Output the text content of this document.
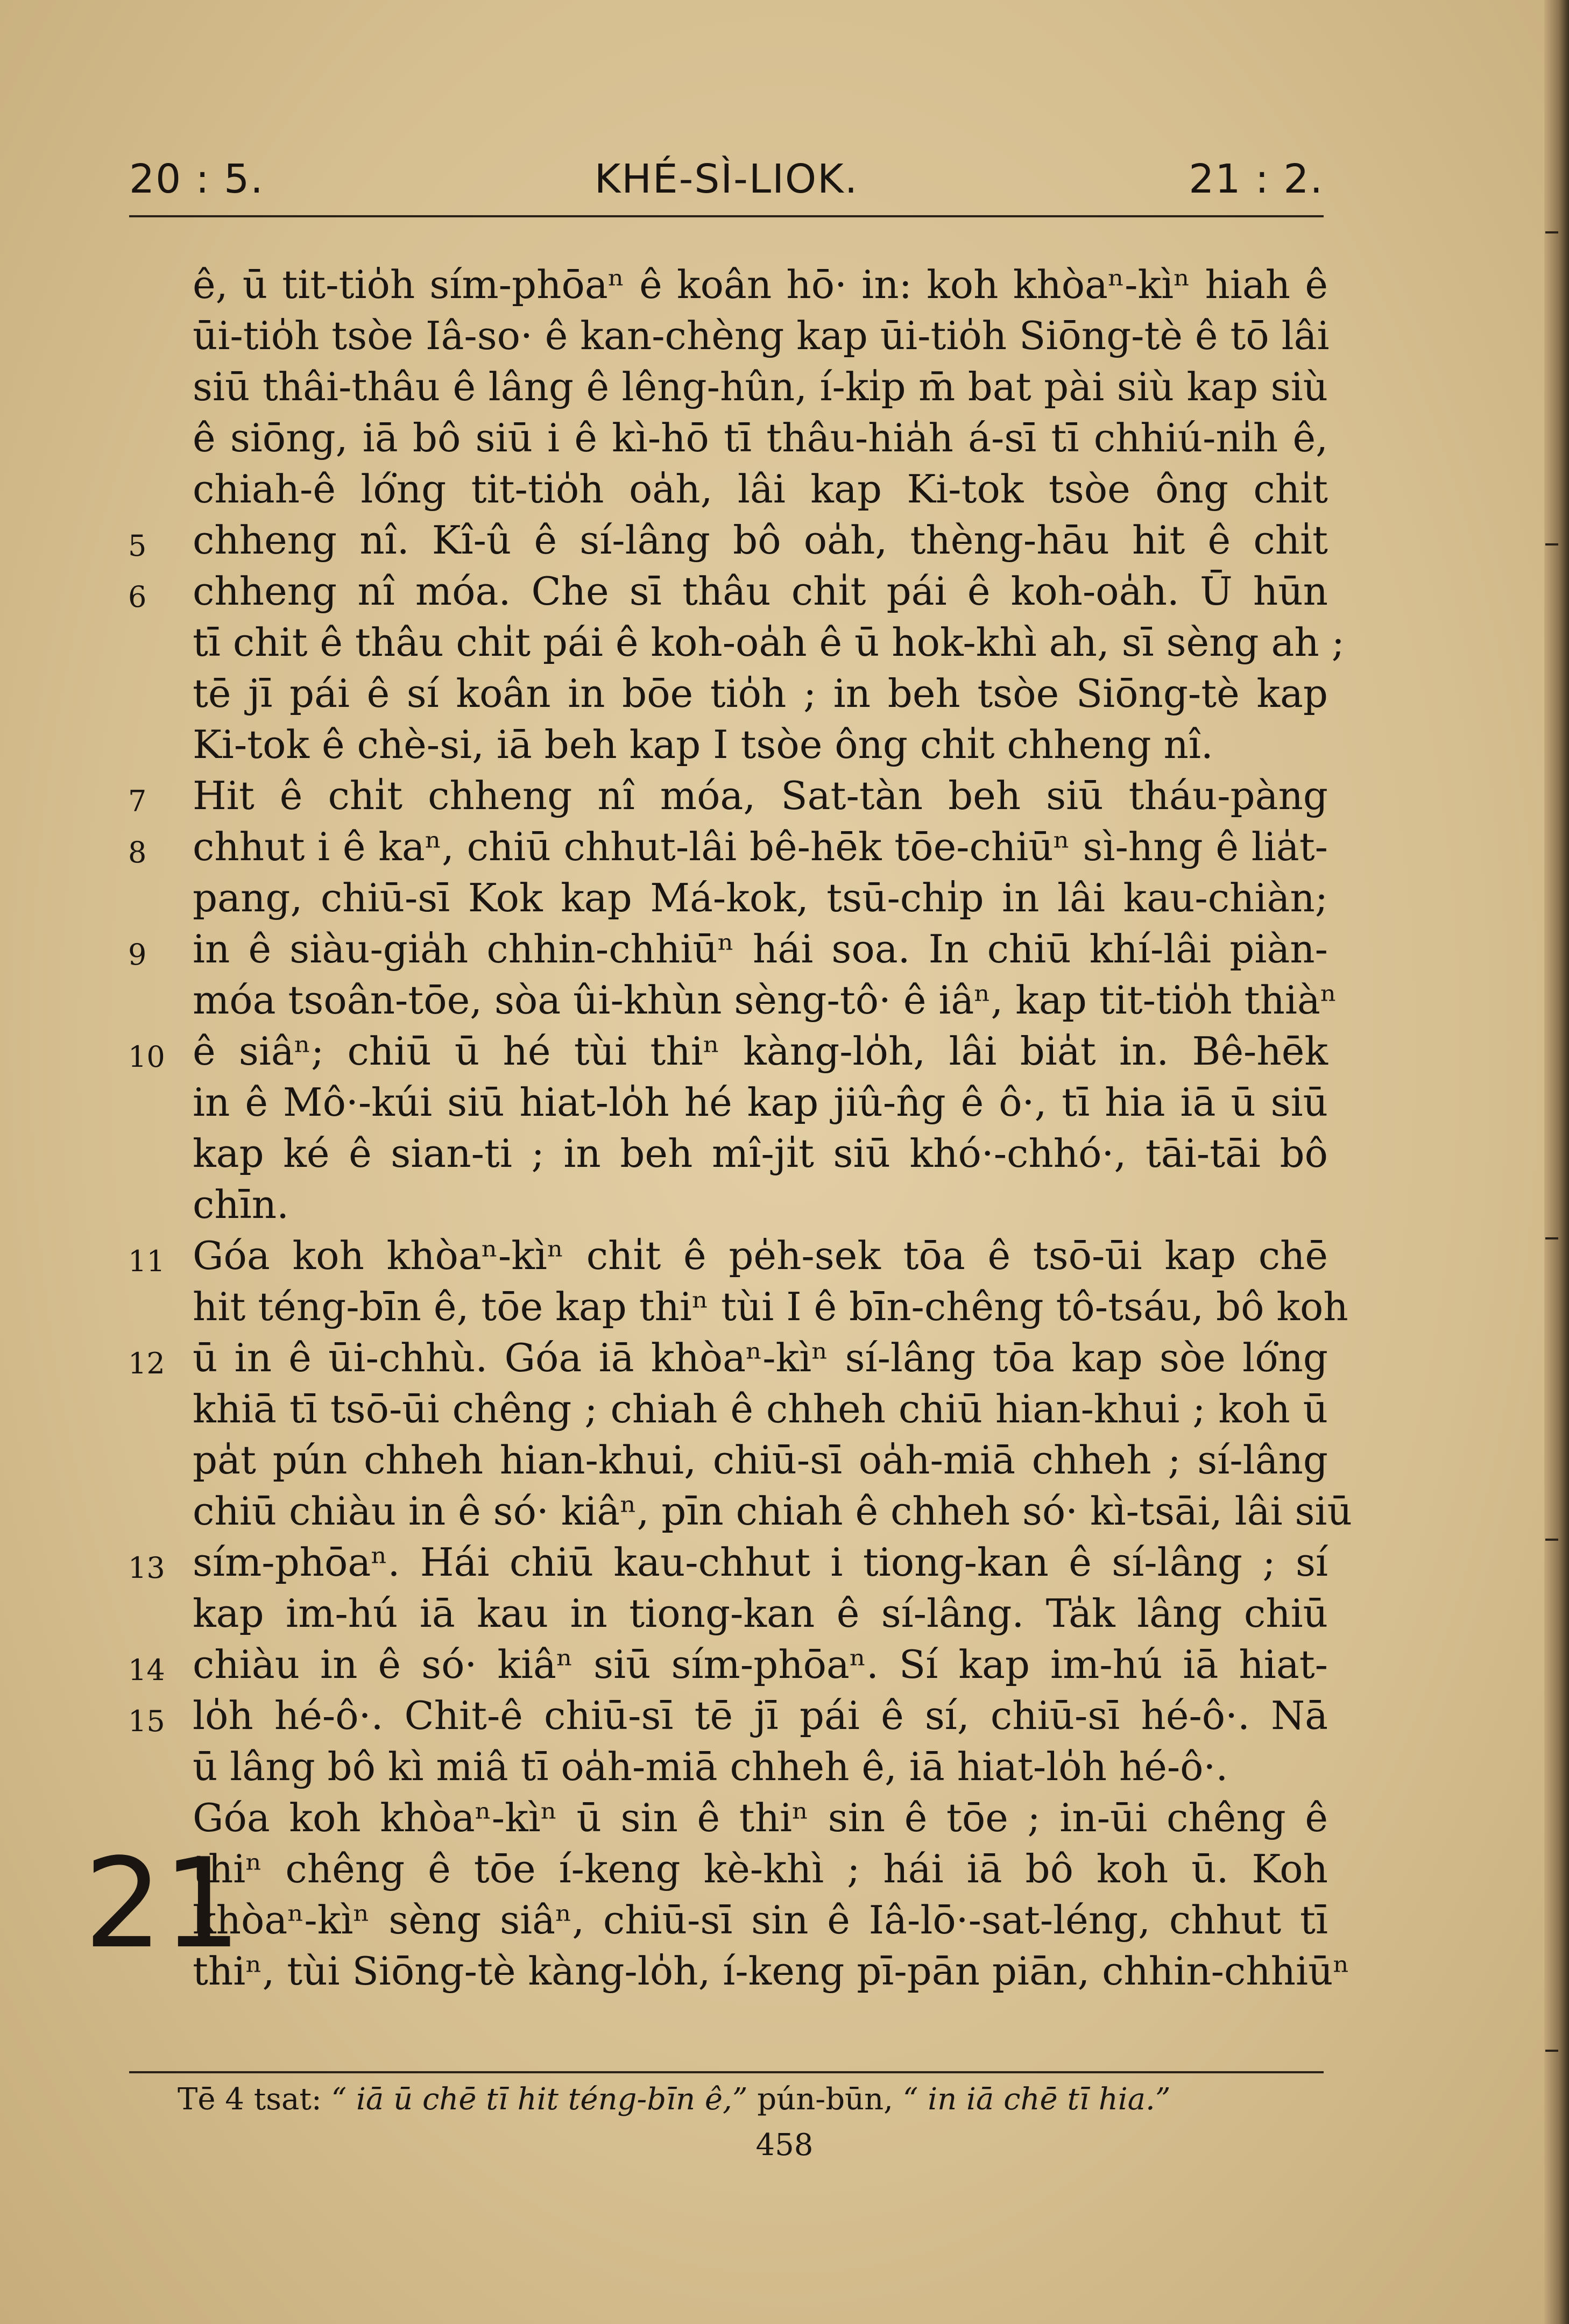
20 : 5.	KHÉ-SÌ-LIOK.	21 : 2.
ê, ū tit-tio̍h sím-phōaⁿ ê koân hō· in: koh khòaⁿ-kìⁿ hiah ê
ūi-tio̍h tsòe Iâ-so· ê kan-chèng kap ūi-tio̍h Siōng-tè ê tō lâi
siū thâi-thâu ê lâng ê lêng-hûn, í-ki̍p m̄ bat pài siù kap siù
ê siōng, iā bô siū i ê kì-hō tī thâu-hia̍h á-sī tī chhiú-ni̍h ê,
chiah-ê ló͘ng tit-tio̍h oa̍h, lâi kap Ki-tok tsòe ông chi̍t
5	chheng nî. Kî-û ê sí-lâng bô oa̍h, thèng-hāu hit ê chi̍t
6	chheng nî móa. Che sī thâu chi̍t pái ê koh-oa̍h. Ū hūn
tī chit ê thâu chi̍t pái ê koh-oa̍h ê ū hok-khì ah, sī sèng ah ;
tē jī pái ê sí koân in bōe tio̍h ; in beh tsòe Siōng-tè kap
Ki-tok ê chè-si, iā beh kap I tsòe ông chi̍t chheng nî.
7	Hit ê chi̍t chheng nî móa, Sat-tàn beh siū tháu-pàng
8	chhut i ê kaⁿ, chiū chhut-lâi bê-hēk tōe-chiūⁿ sì-hng ê lia̍t-
pang, chiū-sī Kok kap Má-kok, tsū-chi̍p in lâi kau-chiàn;
9	in ê siàu-gia̍h chhin-chhiūⁿ hái soa. In chiū khí-lâi piàn-
móa tsoân-tōe, sòa ûi-khùn sèng-tô· ê iâⁿ, kap tit-tio̍h thiàⁿ
10 ê siâⁿ; chiū ū hé tùi thiⁿ kàng-lo̍h, lâi bia̍t in. Bê-hēk
in ê Mô·-kúi siū hiat-lo̍h hé kap jiû-n̂g ê ô·, tī hia iā ū siū
kap ké ê sian-ti ; in beh mî-ji̍t siū khó·-chhó·, tāi-tāi bô
chīn.
11 Góa koh khòaⁿ-kìⁿ chi̍t ê pe̍h-sek tōa ê tsō-ūi kap chē
hit téng-bīn ê, tōe kap thiⁿ tùi I ê bīn-chêng tô-tsáu, bô koh
12 ū in ê ūi-chhù. Góa iā khòaⁿ-kìⁿ sí-lâng tōa kap sòe ló͘ng
khiā tī tsō-ūi chêng ; chiah ê chheh chiū hian-khui ; koh ū
pa̍t pún chheh hian-khui, chiū-sī oa̍h-miā chheh ; sí-lâng
chiū chiàu in ê só· kiâⁿ, pīn chiah ê chheh só· kì-tsāi, lâi siū
13 sím-phōaⁿ. Hái chiū kau-chhut i tiong-kan ê sí-lâng ; sí
kap im-hú iā kau in tiong-kan ê sí-lâng. Ta̍k lâng chiū
14 chiàu in ê só· kiâⁿ siū sím-phōaⁿ. Sí kap im-hú iā hiat-
15 lo̍h hé-ô·. Chit-ê chiū-sī tē jī pái ê sí, chiū-sī hé-ô·. Nā
ū lâng bô kì miâ tī oa̍h-miā chheh ê, iā hiat-lo̍h hé-ô·.
Góa koh khòaⁿ-kìⁿ ū sin ê thiⁿ sin ê tōe ; in-ūi chêng ê
thiⁿ chêng ê tōe í-keng kè-khì ; hái iā bô koh ū. Koh
khòaⁿ-kìⁿ sèng siâⁿ, chiū-sī sin ê Iâ-lō·-sat-léng, chhut tī
thiⁿ, tùi Siōng-tè kàng-lo̍h, í-keng pī-pān piān, chhin-chhiūⁿ
21
Tē 4 tsat: “ iā ū chē tī hit téng-bīn ê,” pún-būn, “ in iā chē tī hia.”
458
